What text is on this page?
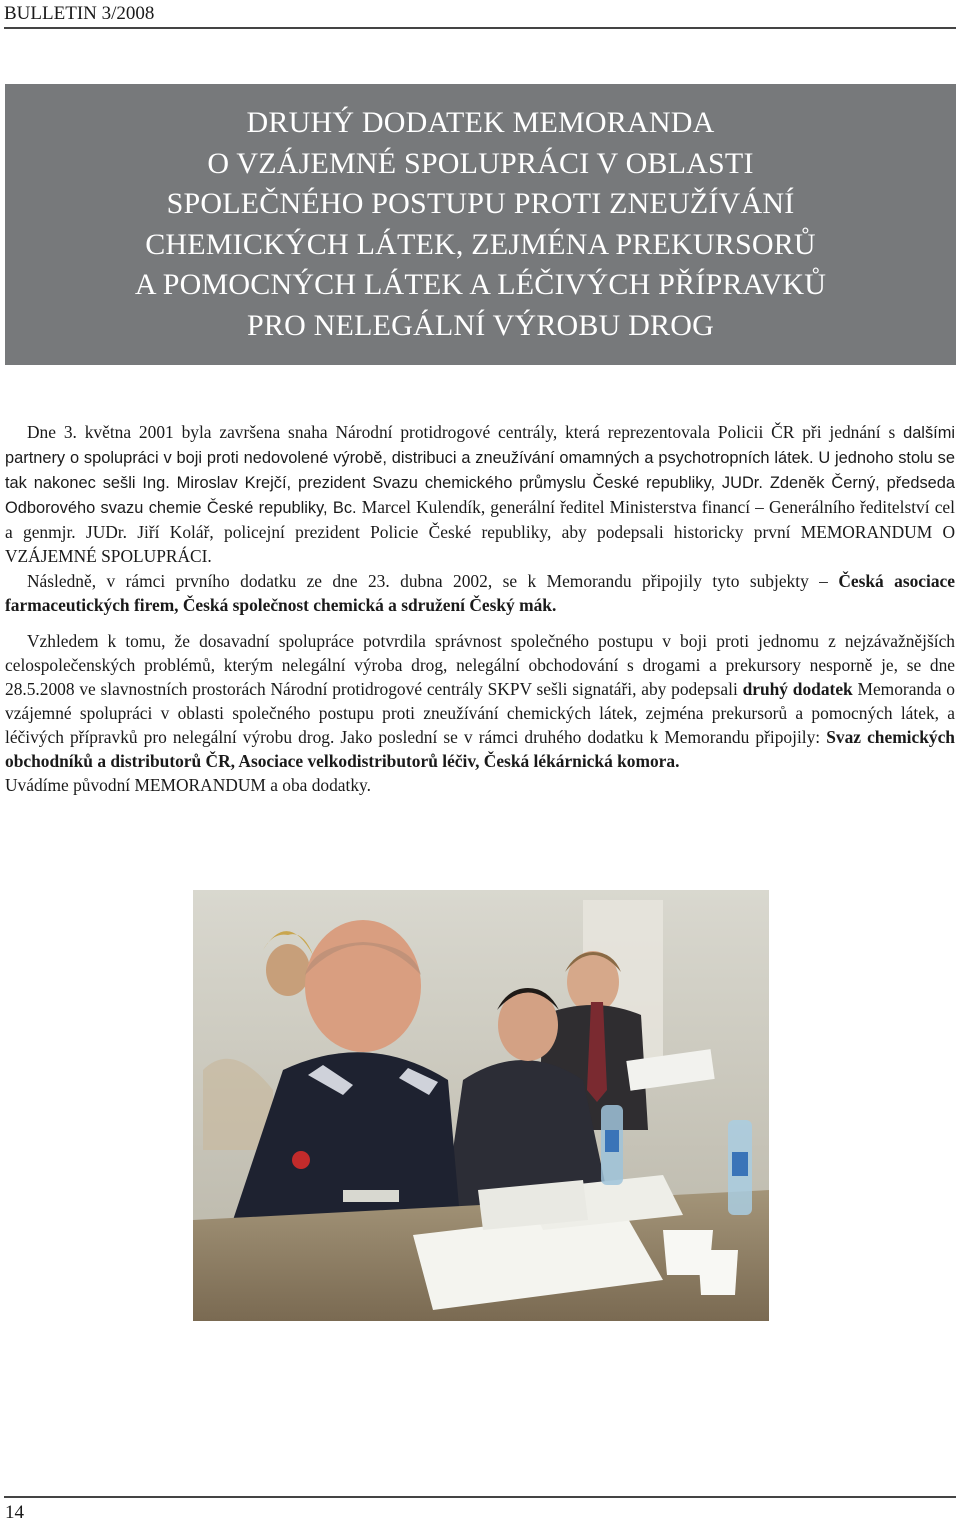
BULLETIN 3/2008
DRUHÝ DODATEK MEMORANDA
O VZÁJEMNÉ SPOLUPRÁCI V OBLASTI
SPOLEČNÉHO POSTUPU PROTI ZNEUŽÍVÁNÍ
CHEMICKÝCH LÁTEK, ZEJMÉNA PREKURSORŮ
A POMOCNÝCH LÁTEK A LÉČIVÝCH PŘÍPRAVKŮ
PRO NELEGÁLNÍ VÝROBU DROG

Dne 3. května 2001 byla završena snaha Národní protidrogové centrály, která reprezentovala Policii ČR při jednání s dalšími partnery o spolupráci v boji proti nedovolené výrobě, distribuci a zneužívání omamných a psychotropních látek. U jednoho stolu se tak nakonec sešli Ing. Miroslav Krejčí, prezident Svazu chemického průmyslu České republiky, JUDr. Zdeněk Černý, předseda Odborového svazu chemie České republiky, Bc. Marcel Kulendík, generální ředitel Ministerstva financí – Generálního ředitelství cel a genmjr. JUDr. Jiří Kolář, policejní prezident Policie České republiky, aby podepsali historicky první MEMORANDUM O VZÁJEMNÉ SPOLUPRÁCI.

Následně, v rámci prvního dodatku ze dne 23. dubna 2002, se k Memorandu připojily tyto subjekty – Česká asociace farmaceutických firem, Česká společnost chemická a sdružení Český mák.

Vzhledem k tomu, že dosavadní spolupráce potvrdila správnost společného postupu v boji proti jednomu z nejzávažnějších celospolečenských problémů, kterým nelegální výroba drog, nelegální obchodování s drogami a prekursory nesporně je, se dne 28.5.2008 ve slavnostních prostorách Národní protidrogové centrály SKPV sešli signatáři, aby podepsali druhý dodatek Memoranda o vzájemné spolupráci v oblasti společného postupu proti zneužívání chemických látek, zejména prekursorů a pomocných látek, a léčivých přípravků pro nelegální výrobu drog. Jako poslední se v rámci druhého dodatku k Memorandu připojily: Svaz chemických obchodníků a distributorů ČR, Asociace velkodistributorů léčiv, Česká lékárnická komora.

Uvádíme původní MEMORANDUM a oba dodatky.

14
